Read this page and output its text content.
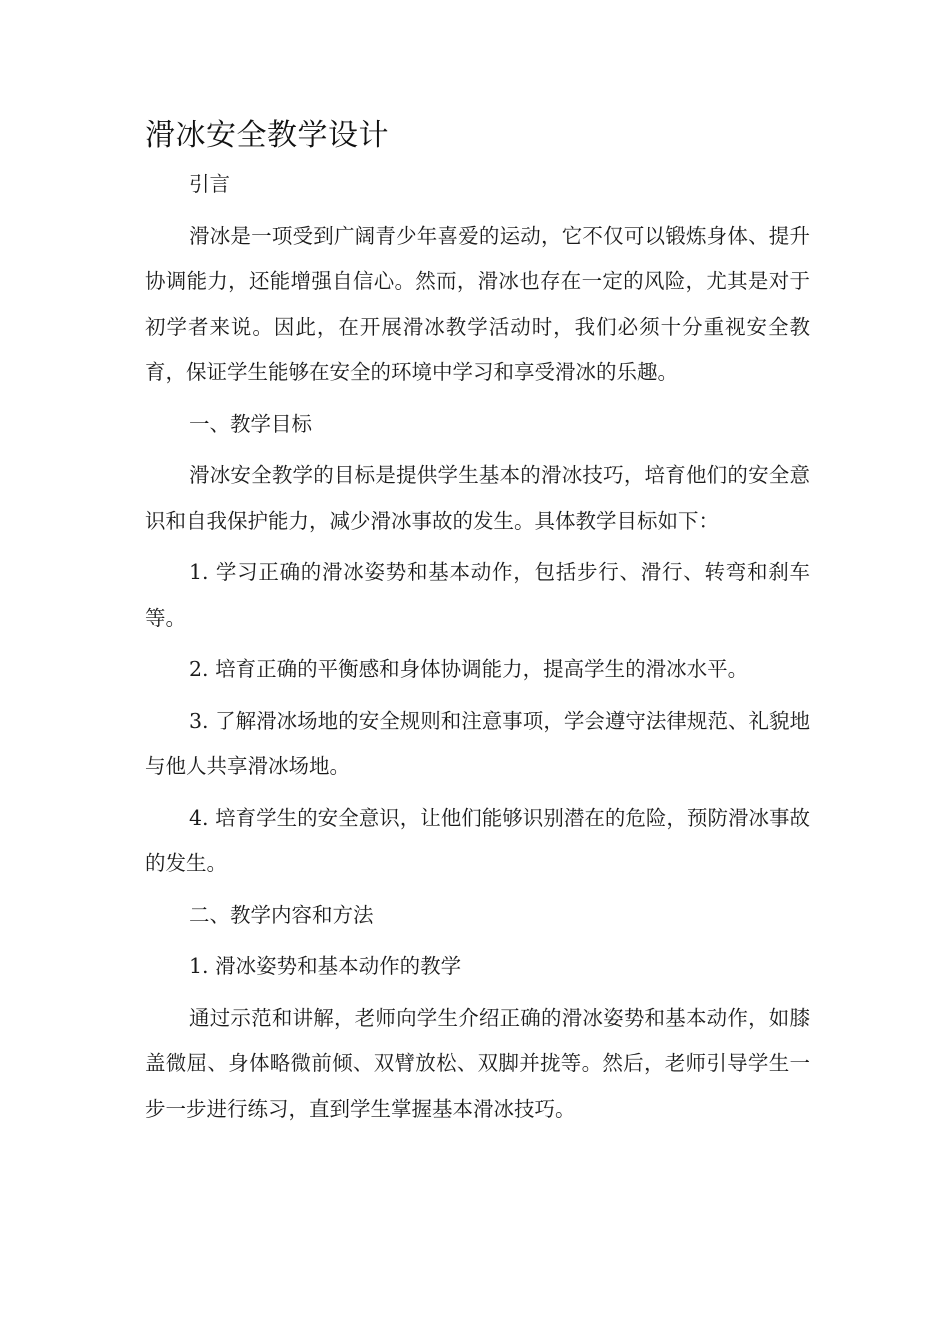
滑冰安全教学设计

引言

滑冰是一项受到广阔青少年喜爱的运动，它不仅可以锻炼身体、提升协调能力，还能增强自信心。然而，滑冰也存在一定的风险，尤其是对于初学者来说。因此，在开展滑冰教学活动时，我们必须十分重视安全教育，保证学生能够在安全的环境中学习和享受滑冰的乐趣。

一、教学目标

滑冰安全教学的目标是提供学生基本的滑冰技巧，培育他们的安全意识和自我保护能力，减少滑冰事故的发生。具体教学目标如下：

1. 学习正确的滑冰姿势和基本动作，包括步行、滑行、转弯和刹车等。

2. 培育正确的平衡感和身体协调能力，提高学生的滑冰水平。

3. 了解滑冰场地的安全规则和注意事项，学会遵守法律规范、礼貌地与他人共享滑冰场地。

4. 培育学生的安全意识，让他们能够识别潜在的危险，预防滑冰事故的发生。

二、教学内容和方法

1. 滑冰姿势和基本动作的教学

通过示范和讲解，老师向学生介绍正确的滑冰姿势和基本动作，如膝盖微屈、身体略微前倾、双臂放松、双脚并拢等。然后，老师引导学生一步一步进行练习，直到学生掌握基本滑冰技巧。
